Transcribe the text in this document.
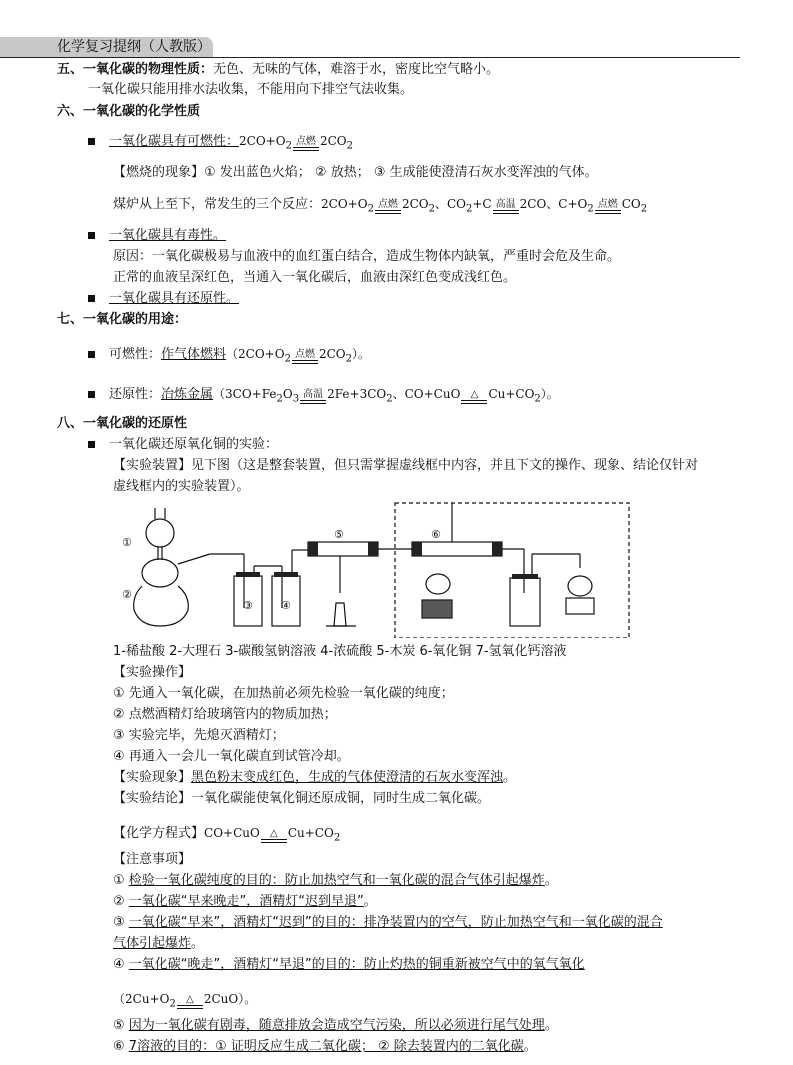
化学复习提纲（人教版）
五、一氧化碳的物理性质：无色、无味的气体，难溶于水，密度比空气略小。
一氧化碳只能用排水法收集，不能用向下排空气法收集。
六、一氧化碳的化学性质
一氧化碳具有可燃性：$2CO+O_2$ 点燃 $2CO_2$
【燃烧的现象】① 发出蓝色火焰； ② 放热； ③ 生成能使澄清石灰水变浑浊的气体。
煤炉从上至下，常发生的三个反应：$2CO+O_2$ 点燃 $2CO_2$、$CO_2+C$ 高温 2CO、$C+O_2$ 点燃 $CO_2$
一氧化碳具有毒性。
原因：一氧化碳极易与血液中的血红蛋白结合，造成生物体内缺氧，严重时会危及生命。
正常的血液呈深红色，当通入一氧化碳后，血液由深红色变成浅红色。
一氧化碳具有还原性。
七、一氧化碳的用途：
可燃性：作气体燃料（$2CO+O_2$ 点燃 $2CO_2$）。
还原性：冶炼金属（$3CO+Fe_2O_3$ 高温 $2Fe+3CO_2$、CO+CuO	△ $Cu+CO_2$）。
八、一氧化碳的还原性
一氧化碳还原氧化铜的实验：
【实验装置】见下图（这是整套装置，但只需掌握虚线框中内容，并且下文的操作、现象、结论仅针对
虚线框内的实验装置）。
①
②
③	④
⑤	⑥
1-稀盐酸 2-大理石 3-碳酸氢钠溶液 4-浓硫酸 5-木炭 6-氧化铜 7-氢氧化钙溶液
【实验操作】
① 先通入一氧化碳，在加热前必须先检验一氧化碳的纯度；
② 点燃酒精灯给玻璃管内的物质加热；
③ 实验完毕，先熄灭酒精灯；
④ 再通入一会儿一氧化碳直到试管冷却。
【实验现象】黑色粉末变成红色，生成的气体使澄清的石灰水变浑浊。
【实验结论】一氧化碳能使氧化铜还原成铜，同时生成二氧化碳。
【化学方程式】CO+CuO	△ $Cu+CO_2$
【注意事项】
① 检验一氧化碳纯度的目的：防止加热空气和一氧化碳的混合气体引起爆炸。
② 一氧化碳“早来晚走”，酒精灯“迟到早退”。
③ 一氧化碳“早来”，酒精灯“迟到”的目的：排净装置内的空气，防止加热空气和一氧化碳的混合
气体引起爆炸。
④ 一氧化碳“晚走”，酒精灯“早退”的目的：防止灼热的铜重新被空气中的氧气氧化
（$2Cu+O_2$	△ 2CuO）。
⑤ 因为一氧化碳有剧毒，随意排放会造成空气污染，所以必须进行尾气处理。
⑥ 7溶液的目的：① 证明反应生成二氧化碳； ② 除去装置内的二氧化碳。
